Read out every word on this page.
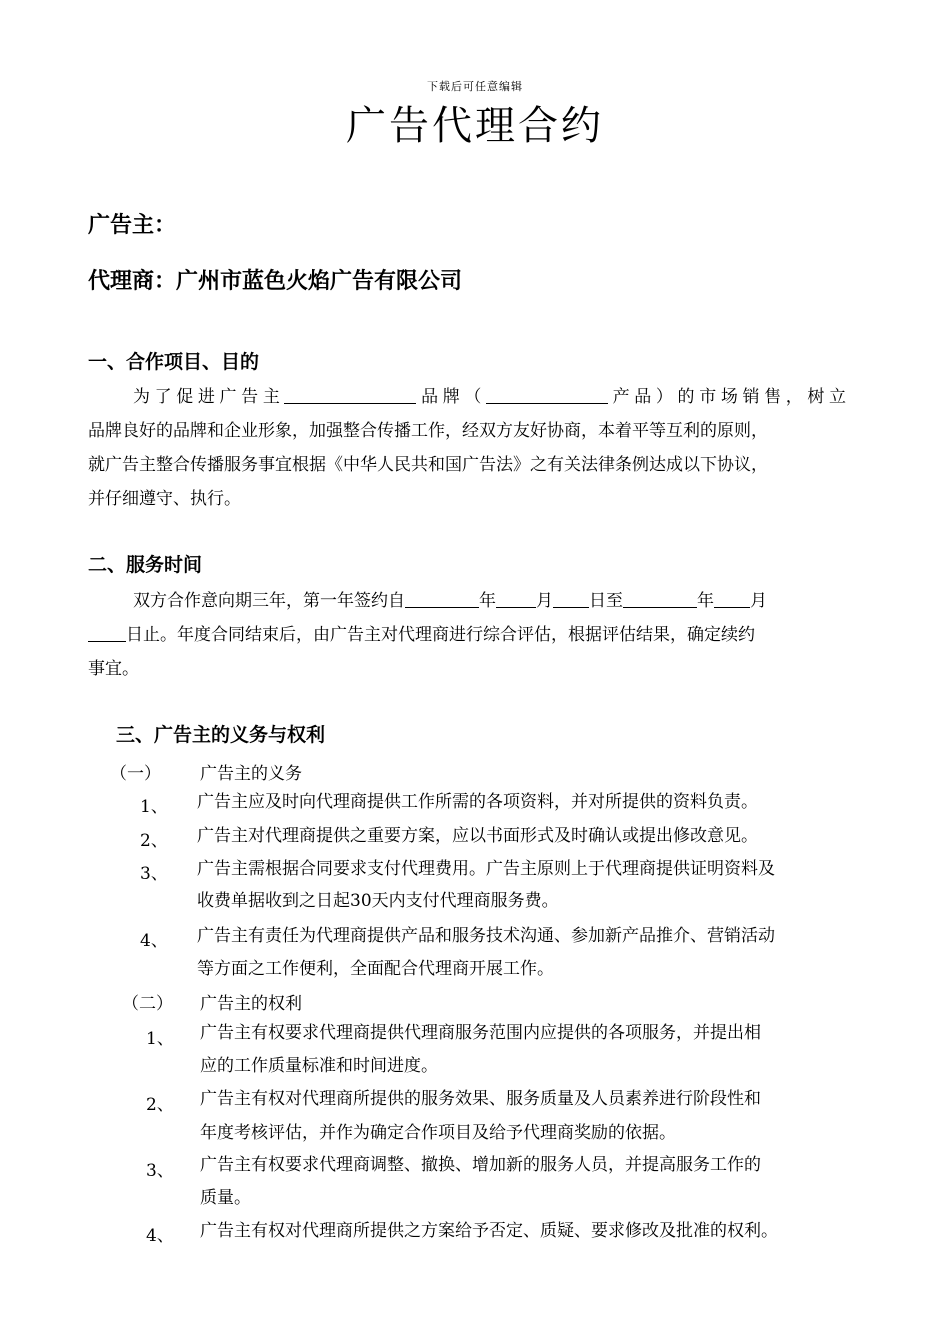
下载后可任意编辑
广告代理合约
广告主：
代理商：广州市蓝色火焰广告有限公司
一、合作项目、目的
为了促进广告主	品牌（	产品）的市场销售，树立
品牌良好的品牌和企业形象，加强整合传播工作，经双方友好协商，本着平等互利的原则，
就广告主整合传播服务事宜根据《中华人民共和国广告法》之有关法律条例达成以下协议，
并仔细遵守、执行。
二、服务时间
双方合作意向期三年，第一年签约自	年 月 日至	年 月
日止。年度合同结束后，由广告主对代理商进行综合评估，根据评估结果，确定续约
事宜。
三、广告主的义务与权利
（一） 广告主的义务
1、 广告主应及时向代理商提供工作所需的各项资料，并对所提供的资料负责。
2、 广告主对代理商提供之重要方案，应以书面形式及时确认或提出修改意见。
3、 广告主需根据合同要求支付代理费用。广告主原则上于代理商提供证明资料及
收费单据收到之日起30天内支付代理商服务费。
4、 广告主有责任为代理商提供产品和服务技术沟通、参加新产品推介、营销活动
等方面之工作便利，全面配合代理商开展工作。
（二） 广告主的权利
1、 广告主有权要求代理商提供代理商服务范围内应提供的各项服务，并提出相
应的工作质量标准和时间进度。
2、 广告主有权对代理商所提供的服务效果、服务质量及人员素养进行阶段性和
年度考核评估，并作为确定合作项目及给予代理商奖励的依据。
3、 广告主有权要求代理商调整、撤换、增加新的服务人员，并提高服务工作的
质量。
4、 广告主有权对代理商所提供之方案给予否定、质疑、要求修改及批准的权利。
